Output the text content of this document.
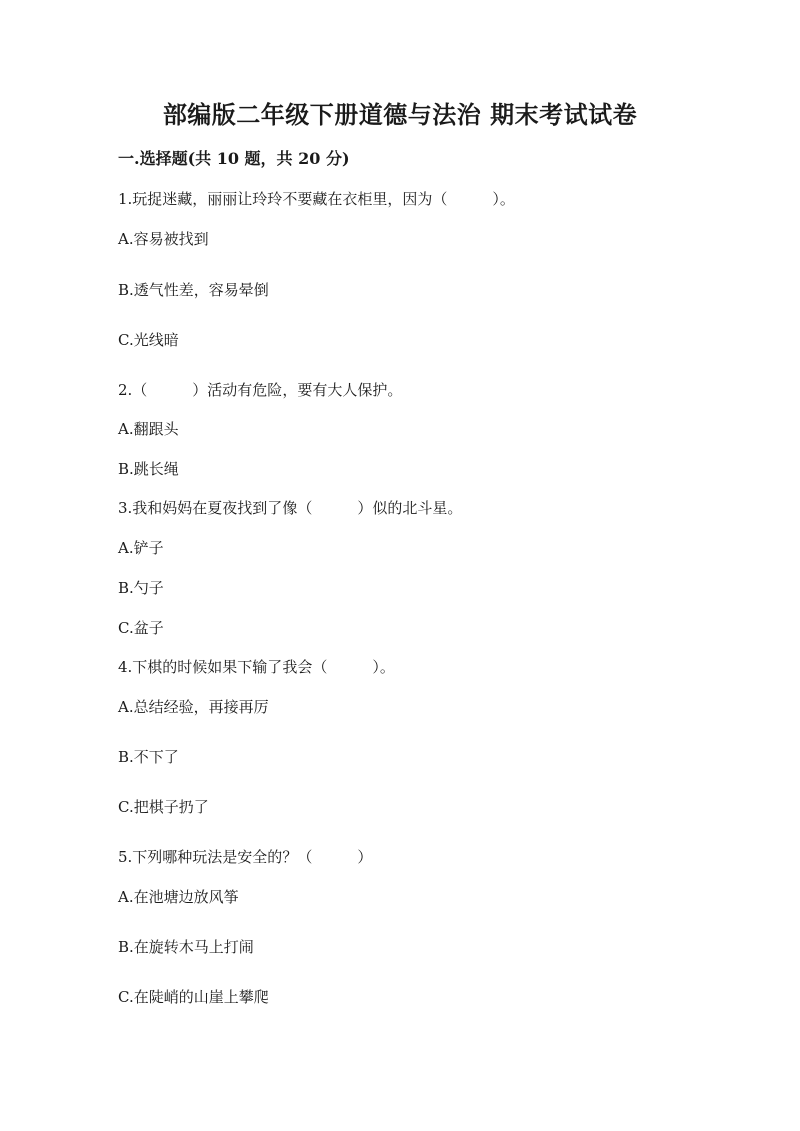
部编版二年级下册道德与法治 期末考试试卷
一.选择题(共 10 题，共 20 分)
1.玩捉迷藏，丽丽让玲玲不要藏在衣柜里，因为（　　　）。
A.容易被找到
B.透气性差，容易晕倒
C.光线暗
2.（　　　）活动有危险，要有大人保护。
A.翻跟头
B.跳长绳
3.我和妈妈在夏夜找到了像（　　　）似的北斗星。
A.铲子
B.勺子
C.盆子
4.下棋的时候如果下输了我会（　　　）。
A.总结经验，再接再厉
B.不下了
C.把棋子扔了
5.下列哪种玩法是安全的？（　　　）
A.在池塘边放风筝
B.在旋转木马上打闹
C.在陡峭的山崖上攀爬
